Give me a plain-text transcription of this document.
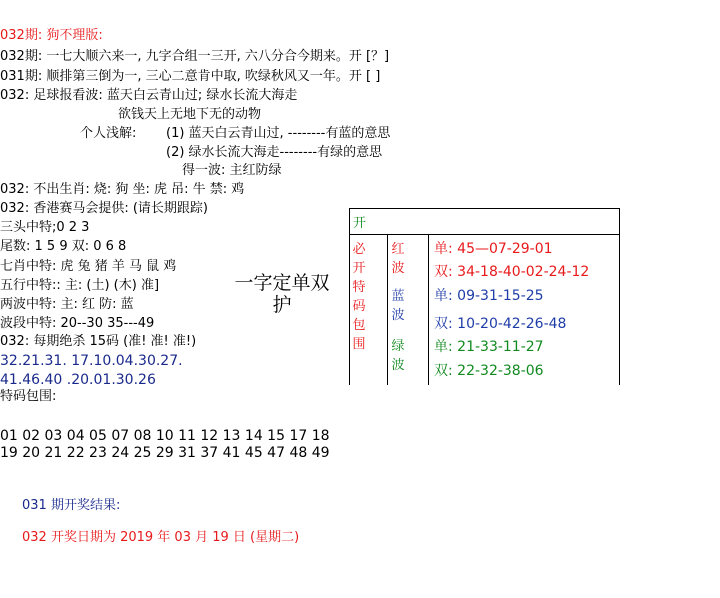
032期: 狗不理版:
032期: 一七大顺六来一, 九字合组一三开, 六八分合今期来。开 [？]
031期: 顺排第三倒为一, 三心二意肯中取, 吹绿秋风又一年。开 [ ]
032: 足球报看波: 蓝天白云青山过; 绿水长流大海走
欲钱天上无地下无的动物
个人浅解: (1) 蓝天白云青山过, --------有蓝的意思
(2) 绿水长流大海走--------有绿的意思
得一波: 主红防绿
032: 不出生肖: 烧: 狗 坐: 虎 吊: 牛 禁: 鸡
032: 香港赛马会提供: (请长期跟踪)
三头中特;0 2 3
尾数: 1 5 9 双: 0 6 8
七肖中特: 虎 兔 猪 羊 马 鼠 鸡
五行中特:: 主: (土) (木) 准]
两波中特: 主: 红 防: 蓝
波段中特: 20--30 35---49
032: 每期绝杀 15码 (准! 准! 准!)
32.21.31. 17.10.04.30.27.
41.46.40 .20.01.30.26
特码包围:
01 02 03 04 05 07 08 10 11 12 13 14 15 17 18
19 20 21 22 23 24 25 29 31 37 41 45 47 48 49
一字定单双
护
开
必
开
特
码
包
围
红
波
蓝
波
绿
波
单: 45—07-29-01
双: 34-18-40-02-24-12
单: 09-31-15-25
双: 10-20-42-26-48
单: 21-33-11-27
双: 22-32-38-06
031 期开奖结果:
032 开奖日期为 2019 年 03 月 19 日 (星期二)
